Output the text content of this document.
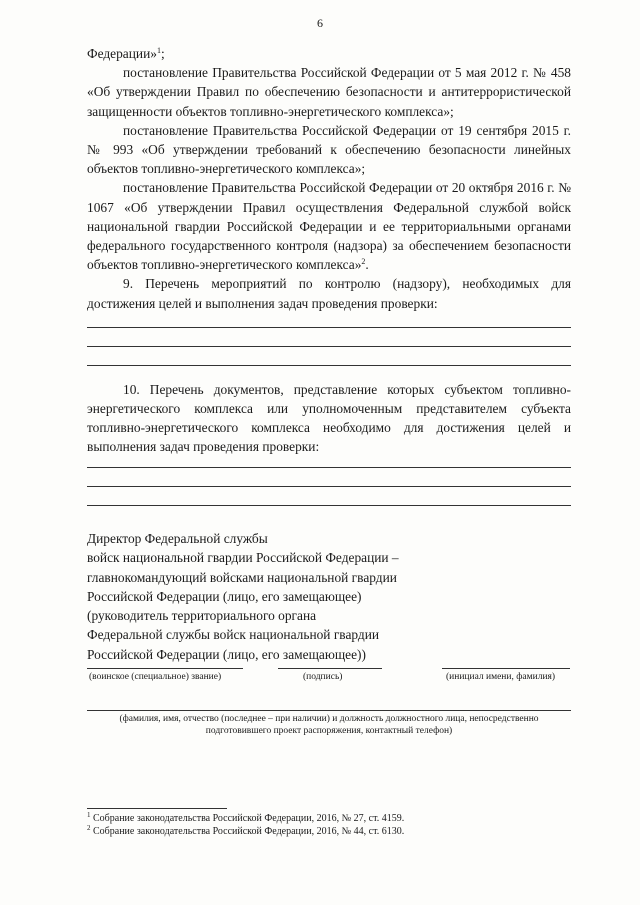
6

Федерации»$^1$;

постановление Правительства Российской Федерации от 5 мая 2012 г. № 458 «Об утверждении Правил по обеспечению безопасности и антитеррористической защищенности объектов топливно-энергетического комплекса»;

постановление Правительства Российской Федерации от 19 сентября 2015 г. № 993 «Об утверждении требований к обеспечению безопасности линейных объектов топливно-энергетического комплекса»;

постановление Правительства Российской Федерации от 20 октября 2016 г. № 1067 «Об утверждении Правил осуществления Федеральной службой войск национальной гвардии Российской Федерации и ее территориальными органами федерального государственного контроля (надзора) за обеспечением безопасности объектов топливно-энергетического комплекса»$^2$.

9. Перечень мероприятий по контролю (надзору), необходимых для достижения целей и выполнения задач проведения проверки:

10. Перечень документов, представление которых субъектом топливно-энергетического комплекса или уполномоченным представителем субъекта топливно-энергетического комплекса необходимо для достижения целей и выполнения задач проведения проверки:

Директор Федеральной службы
войск национальной гвардии Российской Федерации –
главнокомандующий войсками национальной гвардии
Российской Федерации (лицо, его замещающее)
(руководитель территориального органа
Федеральной службы войск национальной гвардии
Российской Федерации (лицо, его замещающее))
(воинское (специальное) звание)	(подпись)	(инициал имени, фамилия)
(фамилия, имя, отчество (последнее – при наличии) и должность должностного лица, непосредственно подготовившего проект распоряжения, контактный телефон)
$^1$ Собрание законодательства Российской Федерации, 2016, № 27, ст. 4159.
$^2$ Собрание законодательства Российской Федерации, 2016, № 44, ст. 6130.
